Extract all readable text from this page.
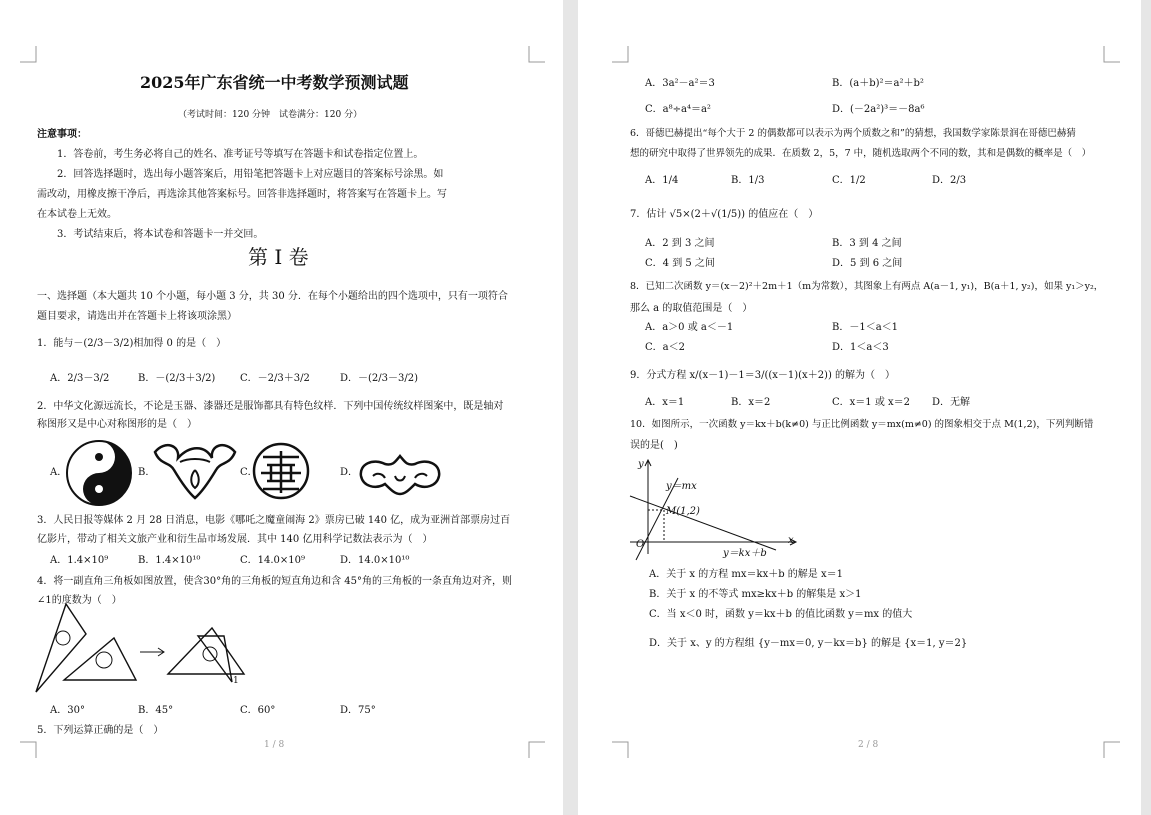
2025年广东省统一中考数学预测试题
（考试时间：120 分钟　试卷满分：120 分）
注意事项：
1．答卷前，考生务必将自己的姓名、准考证号等填写在答题卡和试卷指定位置上。
2．回答选择题时，选出每小题答案后，用铅笔把答题卡上对应题目的答案标号涂黑。如
需改动，用橡皮擦干净后，再选涂其他答案标号。回答非选择题时，将答案写在答题卡上。写
在本试卷上无效。
3．考试结束后，将本试卷和答题卡一并交回。
第 I 卷
一、选择题（本大题共 10 个小题，每小题 3 分，共 30 分．在每个小题给出的四个选项中，只有一项符合
题目要求，请选出并在答题卡上将该项涂黑）
1．能与－(2/3－3/2)相加得 0 的是（　）
A．2/3－3/2	B．－(2/3＋3/2) C．－2/3＋3/2	D．－(2/3－3/2)
2．中华文化源远流长，不论是玉器、漆器还是服饰都具有特色纹样．下列中国传统纹样图案中，既是轴对
称图形又是中心对称图形的是（　）
A．	B．	C．	D．
3．人民日报等媒体 2 月 28 日消息，电影《哪吒之魔童闹海 2》票房已破 140 亿，成为亚洲首部票房过百
亿影片，带动了相关文旅产业和衍生品市场发展．其中 140 亿用科学记数法表示为（　）
A．1.4×10⁹	B．1.4×10¹⁰	C．14.0×10⁹	D．14.0×10¹⁰
4．将一副直角三角板如图放置，使含30°角的三角板的短直角边和含 45°角的三角板的一条直角边对齐，则
∠1的度数为（　）
1
A．30°	B．45°	C．60°	D．75°
5．下列运算正确的是（　）
1 / 8
A．3a²－a²＝3	B．(a＋b)²＝a²＋b²
C．a⁸÷a⁴＝a²	D．(－2a²)³＝－8a⁶
6．哥德巴赫提出“每个大于 2 的偶数都可以表示为两个质数之和”的猜想，我国数学家陈景润在哥德巴赫猜
想的研究中取得了世界领先的成果．在质数 2，5，7 中，随机选取两个不同的数，其和是偶数的概率是（　）
A．1/4	B．1/3	C．1/2	D．2/3
7．估计 √5×(2＋√(1/5)) 的值应在（　）
A．2 到 3 之间	B．3 到 4 之间
C．4 到 5 之间	D．5 到 6 之间
8．已知二次函数 y＝(x－2)²＋2m＋1（m为常数），其图象上有两点 A(a－1, y₁)，B(a＋1, y₂)，如果 y₁＞y₂，
那么 a 的取值范围是（　）
A．a＞0 或 a＜－1	B．－1＜a＜1
C．a＜2	D．1＜a＜3
9．分式方程 x/(x－1)－1＝3/((x－1)(x＋2)) 的解为（　）
A．x＝1	B．x＝2	C．x＝1 或 x＝2 D．无解
10．如图所示，一次函数 y＝kx＋b(k≠0) 与正比例函数 y＝mx(m≠0) 的图象相交于点 M(1,2)，下列判断错
误的是(　)
y
x
O
y＝mx
y＝kx＋b
M(1,2)
A．关于 x 的方程 mx＝kx＋b 的解是 x＝1
B．关于 x 的不等式 mx≥kx＋b 的解集是 x＞1
C．当 x＜0 时，函数 y＝kx＋b 的值比函数 y＝mx 的值大
D．关于 x、y 的方程组 {y－mx＝0, y－kx＝b} 的解是 {x＝1, y＝2}
2 / 8
